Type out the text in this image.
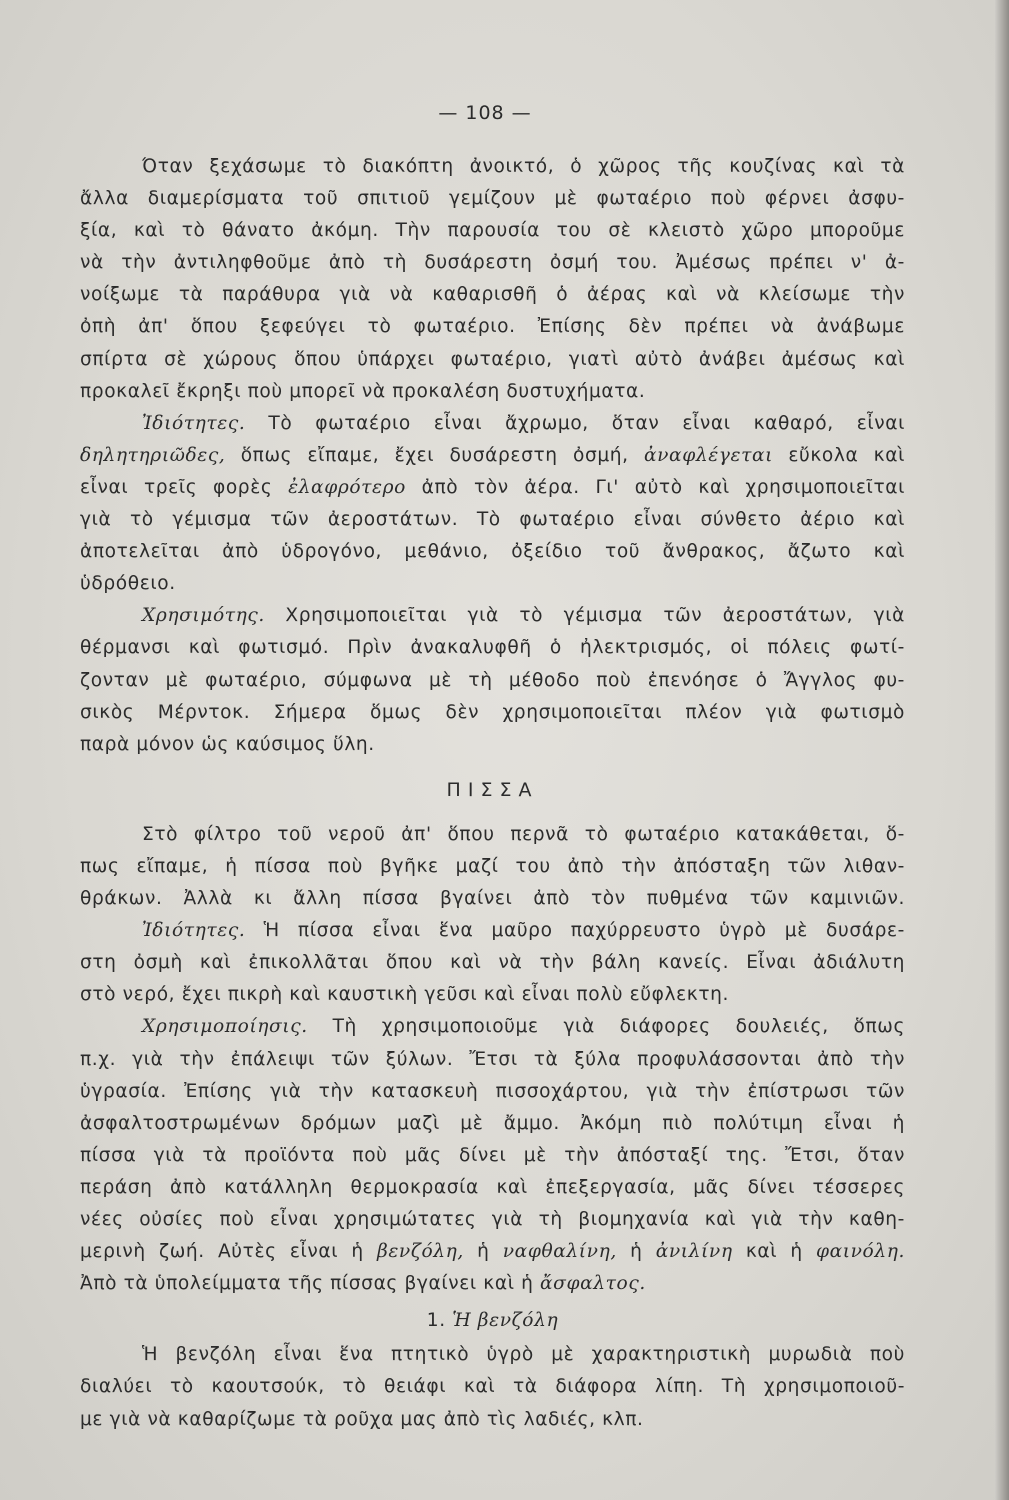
— 108 —

Όταν ξεχάσωμε τὸ διακόπτη ἀνοικτό, ὁ χῶρος τῆς κουζίνας καὶ τὰ
ἄλλα διαμερίσματα τοῦ σπιτιοῦ γεμίζουν μὲ φωταέριο ποὺ φέρνει ἀσφυ-
ξία, καὶ τὸ θάνατο ἀκόμη. Τὴν παρουσία του σὲ κλειστὸ χῶρο μποροῦμε
νὰ τὴν ἀντιληφθοῦμε ἀπὸ τὴ δυσάρεστη ὀσμή του. Ἀμέσως πρέπει ν' ἀ-
νοίξωμε τὰ παράθυρα γιὰ νὰ καθαρισθῆ ὁ ἀέρας καὶ νὰ κλείσωμε τὴν
ὀπὴ ἀπ' ὅπου ξεφεύγει τὸ φωταέριο. Ἐπίσης δὲν πρέπει νὰ ἀνάβωμε
σπίρτα σὲ χώρους ὅπου ὑπάρχει φωταέριο, γιατὶ αὐτὸ ἀνάβει ἀμέσως καὶ
προκαλεῖ ἔκρηξι ποὺ μπορεῖ νὰ προκαλέση δυστυχήματα.

Ἰδιότητες. Τὸ φωταέριο εἶναι ἄχρωμο, ὅταν εἶναι καθαρό, εἶναι
δηλητηριῶδες, ὅπως εἴπαμε, ἔχει δυσάρεστη ὀσμή, ἀναφλέγεται εὔκολα καὶ
εἶναι τρεῖς φορὲς ἐλαφρότερο ἀπὸ τὸν ἀέρα. Γι' αὐτὸ καὶ χρησιμοποιεῖται
γιὰ τὸ γέμισμα τῶν ἀεροστάτων. Τὸ φωταέριο εἶναι σύνθετο ἀέριο καὶ
ἀποτελεῖται ἀπὸ ὑδρογόνο, μεθάνιο, ὀξείδιο τοῦ ἄνθρακος, ἄζωτο καὶ
ὑδρόθειο.

Χρησιμότης. Χρησιμοποιεῖται γιὰ τὸ γέμισμα τῶν ἀεροστάτων, γιὰ
θέρμανσι καὶ φωτισμό. Πρὶν ἀνακαλυφθῆ ὁ ἠλεκτρισμός, οἱ πόλεις φωτί-
ζονταν μὲ φωταέριο, σύμφωνα μὲ τὴ μέθοδο ποὺ ἐπενόησε ὁ Ἄγγλος φυ-
σικὸς Μέρντοκ. Σήμερα ὅμως δὲν χρησιμοποιεῖται πλέον γιὰ φωτισμὸ
παρὰ μόνον ὡς καύσιμος ὕλη.

ΠΙΣΣΑ

Στὸ φίλτρο τοῦ νεροῦ ἀπ' ὅπου περνᾶ τὸ φωταέριο κατακάθεται, ὅ-
πως εἴπαμε, ἡ πίσσα ποὺ βγῆκε μαζί του ἀπὸ τὴν ἀπόσταξη τῶν λιθαν-
θράκων. Ἀλλὰ κι ἄλλη πίσσα βγαίνει ἀπὸ τὸν πυθμένα τῶν καμινιῶν.

Ἰδιότητες. Ἡ πίσσα εἶναι ἕνα μαῦρο παχύρρευστο ὑγρὸ μὲ δυσάρε-
στη ὀσμὴ καὶ ἐπικολλᾶται ὅπου καὶ νὰ τὴν βάλη κανείς. Εἶναι ἀδιάλυτη
στὸ νερό, ἔχει πικρὴ καὶ καυστικὴ γεῦσι καὶ εἶναι πολὺ εὔφλεκτη.

Χρησιμοποίησις. Τὴ χρησιμοποιοῦμε γιὰ διάφορες δουλειές, ὅπως
π.χ. γιὰ τὴν ἐπάλειψι τῶν ξύλων. Ἔτσι τὰ ξύλα προφυλάσσονται ἀπὸ τὴν
ὑγρασία. Ἐπίσης γιὰ τὴν κατασκευὴ πισσοχάρτου, γιὰ τὴν ἐπίστρωσι τῶν
ἀσφαλτοστρωμένων δρόμων μαζὶ μὲ ἄμμο. Ἀκόμη πιὸ πολύτιμη εἶναι ἡ
πίσσα γιὰ τὰ προϊόντα ποὺ μᾶς δίνει μὲ τὴν ἀπόσταξί της. Ἔτσι, ὅταν
περάση ἀπὸ κατάλληλη θερμοκρασία καὶ ἐπεξεργασία, μᾶς δίνει τέσσερες
νέες οὐσίες ποὺ εἶναι χρησιμώτατες γιὰ τὴ βιομηχανία καὶ γιὰ τὴν καθη-
μερινὴ ζωή. Αὐτὲς εἶναι ἡ βενζόλη, ἡ ναφθαλίνη, ἡ ἀνιλίνη καὶ ἡ φαινόλη.
Ἀπὸ τὰ ὑπολείμματα τῆς πίσσας βγαίνει καὶ ἡ ἄσφαλτος.

1. Ἡ βενζόλη

Ἡ βενζόλη εἶναι ἕνα πτητικὸ ὑγρὸ μὲ χαρακτηριστικὴ μυρωδιὰ ποὺ
διαλύει τὸ καουτσούκ, τὸ θειάφι καὶ τὰ διάφορα λίπη. Τὴ χρησιμοποιοῦ-
με γιὰ νὰ καθαρίζωμε τὰ ροῦχα μας ἀπὸ τὶς λαδιές, κλπ.
